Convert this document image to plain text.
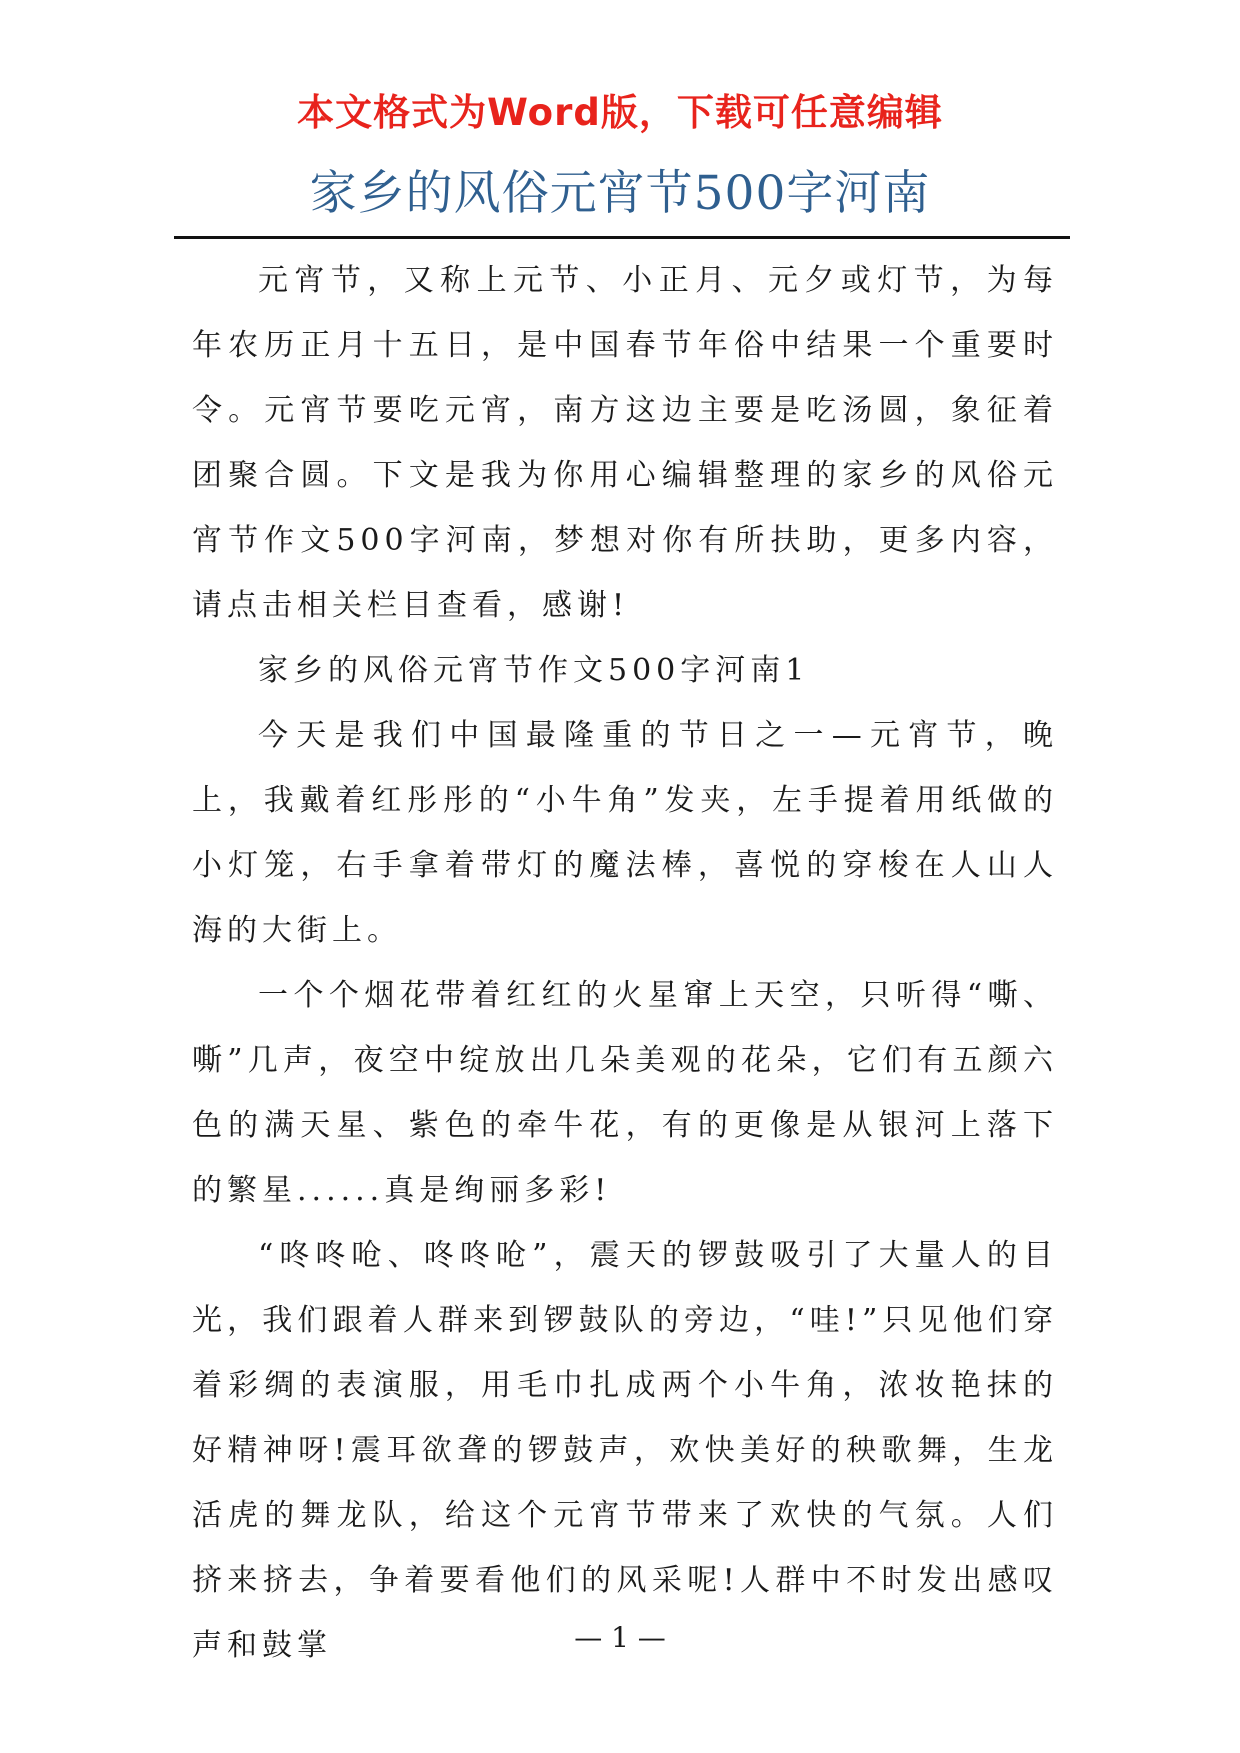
本文格式为Word版，下载可任意编辑
家乡的风俗元宵节500字河南

元宵节，又称上元节、小正月、元夕或灯节，为每年农历正月十五日，是中国春节年俗中结果一个重要时令。元宵节要吃元宵，南方这边主要是吃汤圆，象征着团聚合圆。下文是我为你用心编辑整理的家乡的风俗元宵节作文500字河南，梦想对你有所扶助，更多内容，请点击相关栏目查看，感谢!

家乡的风俗元宵节作文500字河南1

今天是我们中国最隆重的节日之一—元宵节，晚上，我戴着红彤彤的“小牛角”发夹，左手提着用纸做的小灯笼，右手拿着带灯的魔法棒，喜悦的穿梭在人山人海的大街上。

一个个烟花带着红红的火星窜上天空，只听得“嘶、嘶”几声，夜空中绽放出几朵美观的花朵，它们有五颜六色的满天星、紫色的牵牛花，有的更像是从银河上落下的繁星......真是绚丽多彩!

“咚咚呛、咚咚呛”，震天的锣鼓吸引了大量人的目光，我们跟着人群来到锣鼓队的旁边，“哇!”只见他们穿着彩绸的表演服，用毛巾扎成两个小牛角，浓妆艳抹的好精神呀!震耳欲聋的锣鼓声，欢快美好的秧歌舞，生龙活虎的舞龙队，给这个元宵节带来了欢快的气氛。人们挤来挤去，争着要看他们的风采呢!人群中不时发出感叹声和鼓掌	— 1 —
